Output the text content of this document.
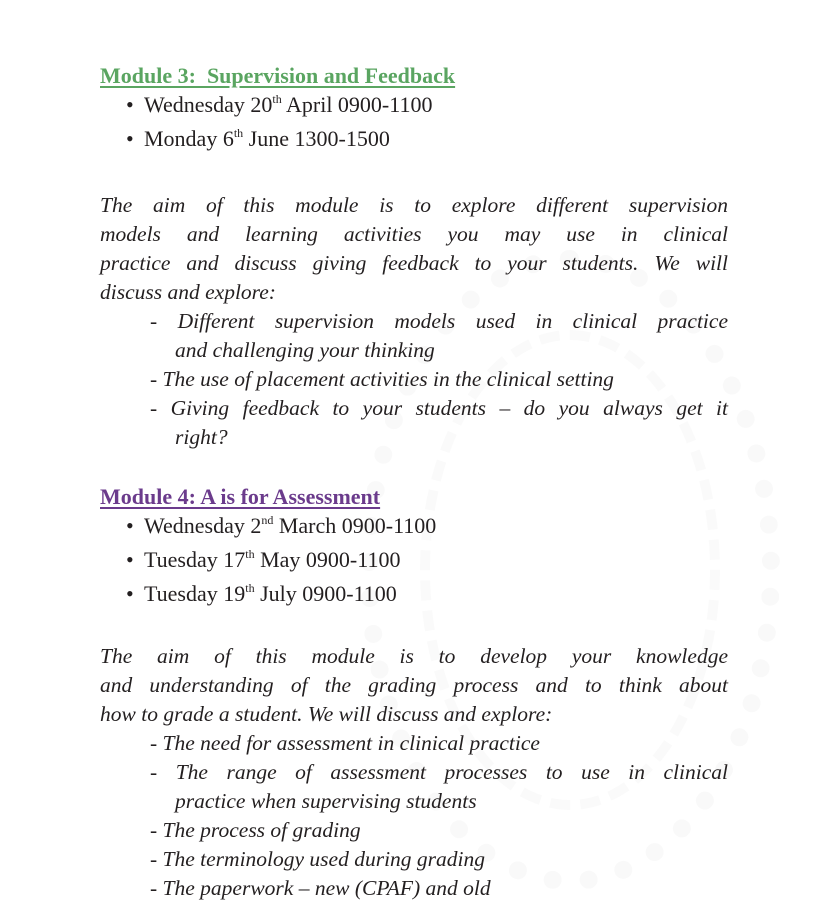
Module 3:  Supervision and Feedback
• Wednesday 20th April 0900-1100
• Monday 6th June 1300-1500
The aim of this module is to explore different supervision
models and learning activities you may use in clinical
practice and discuss giving feedback to your students. We will
discuss and explore:
- Different supervision models used in clinical practice
and challenging your thinking
- The use of placement activities in the clinical setting
- Giving feedback to your students – do you always get it
right?
Module 4: A is for Assessment
• Wednesday 2nd March 0900-1100
• Tuesday 17th May 0900-1100
• Tuesday 19th July 0900-1100
The aim of this module is to develop your knowledge
and understanding of the grading process and to think about
how to grade a student. We will discuss and explore:
- The need for assessment in clinical practice
- The range of assessment processes to use in clinical
practice when supervising students
- The process of grading
- The terminology used during grading
- The paperwork – new (CPAF) and old
